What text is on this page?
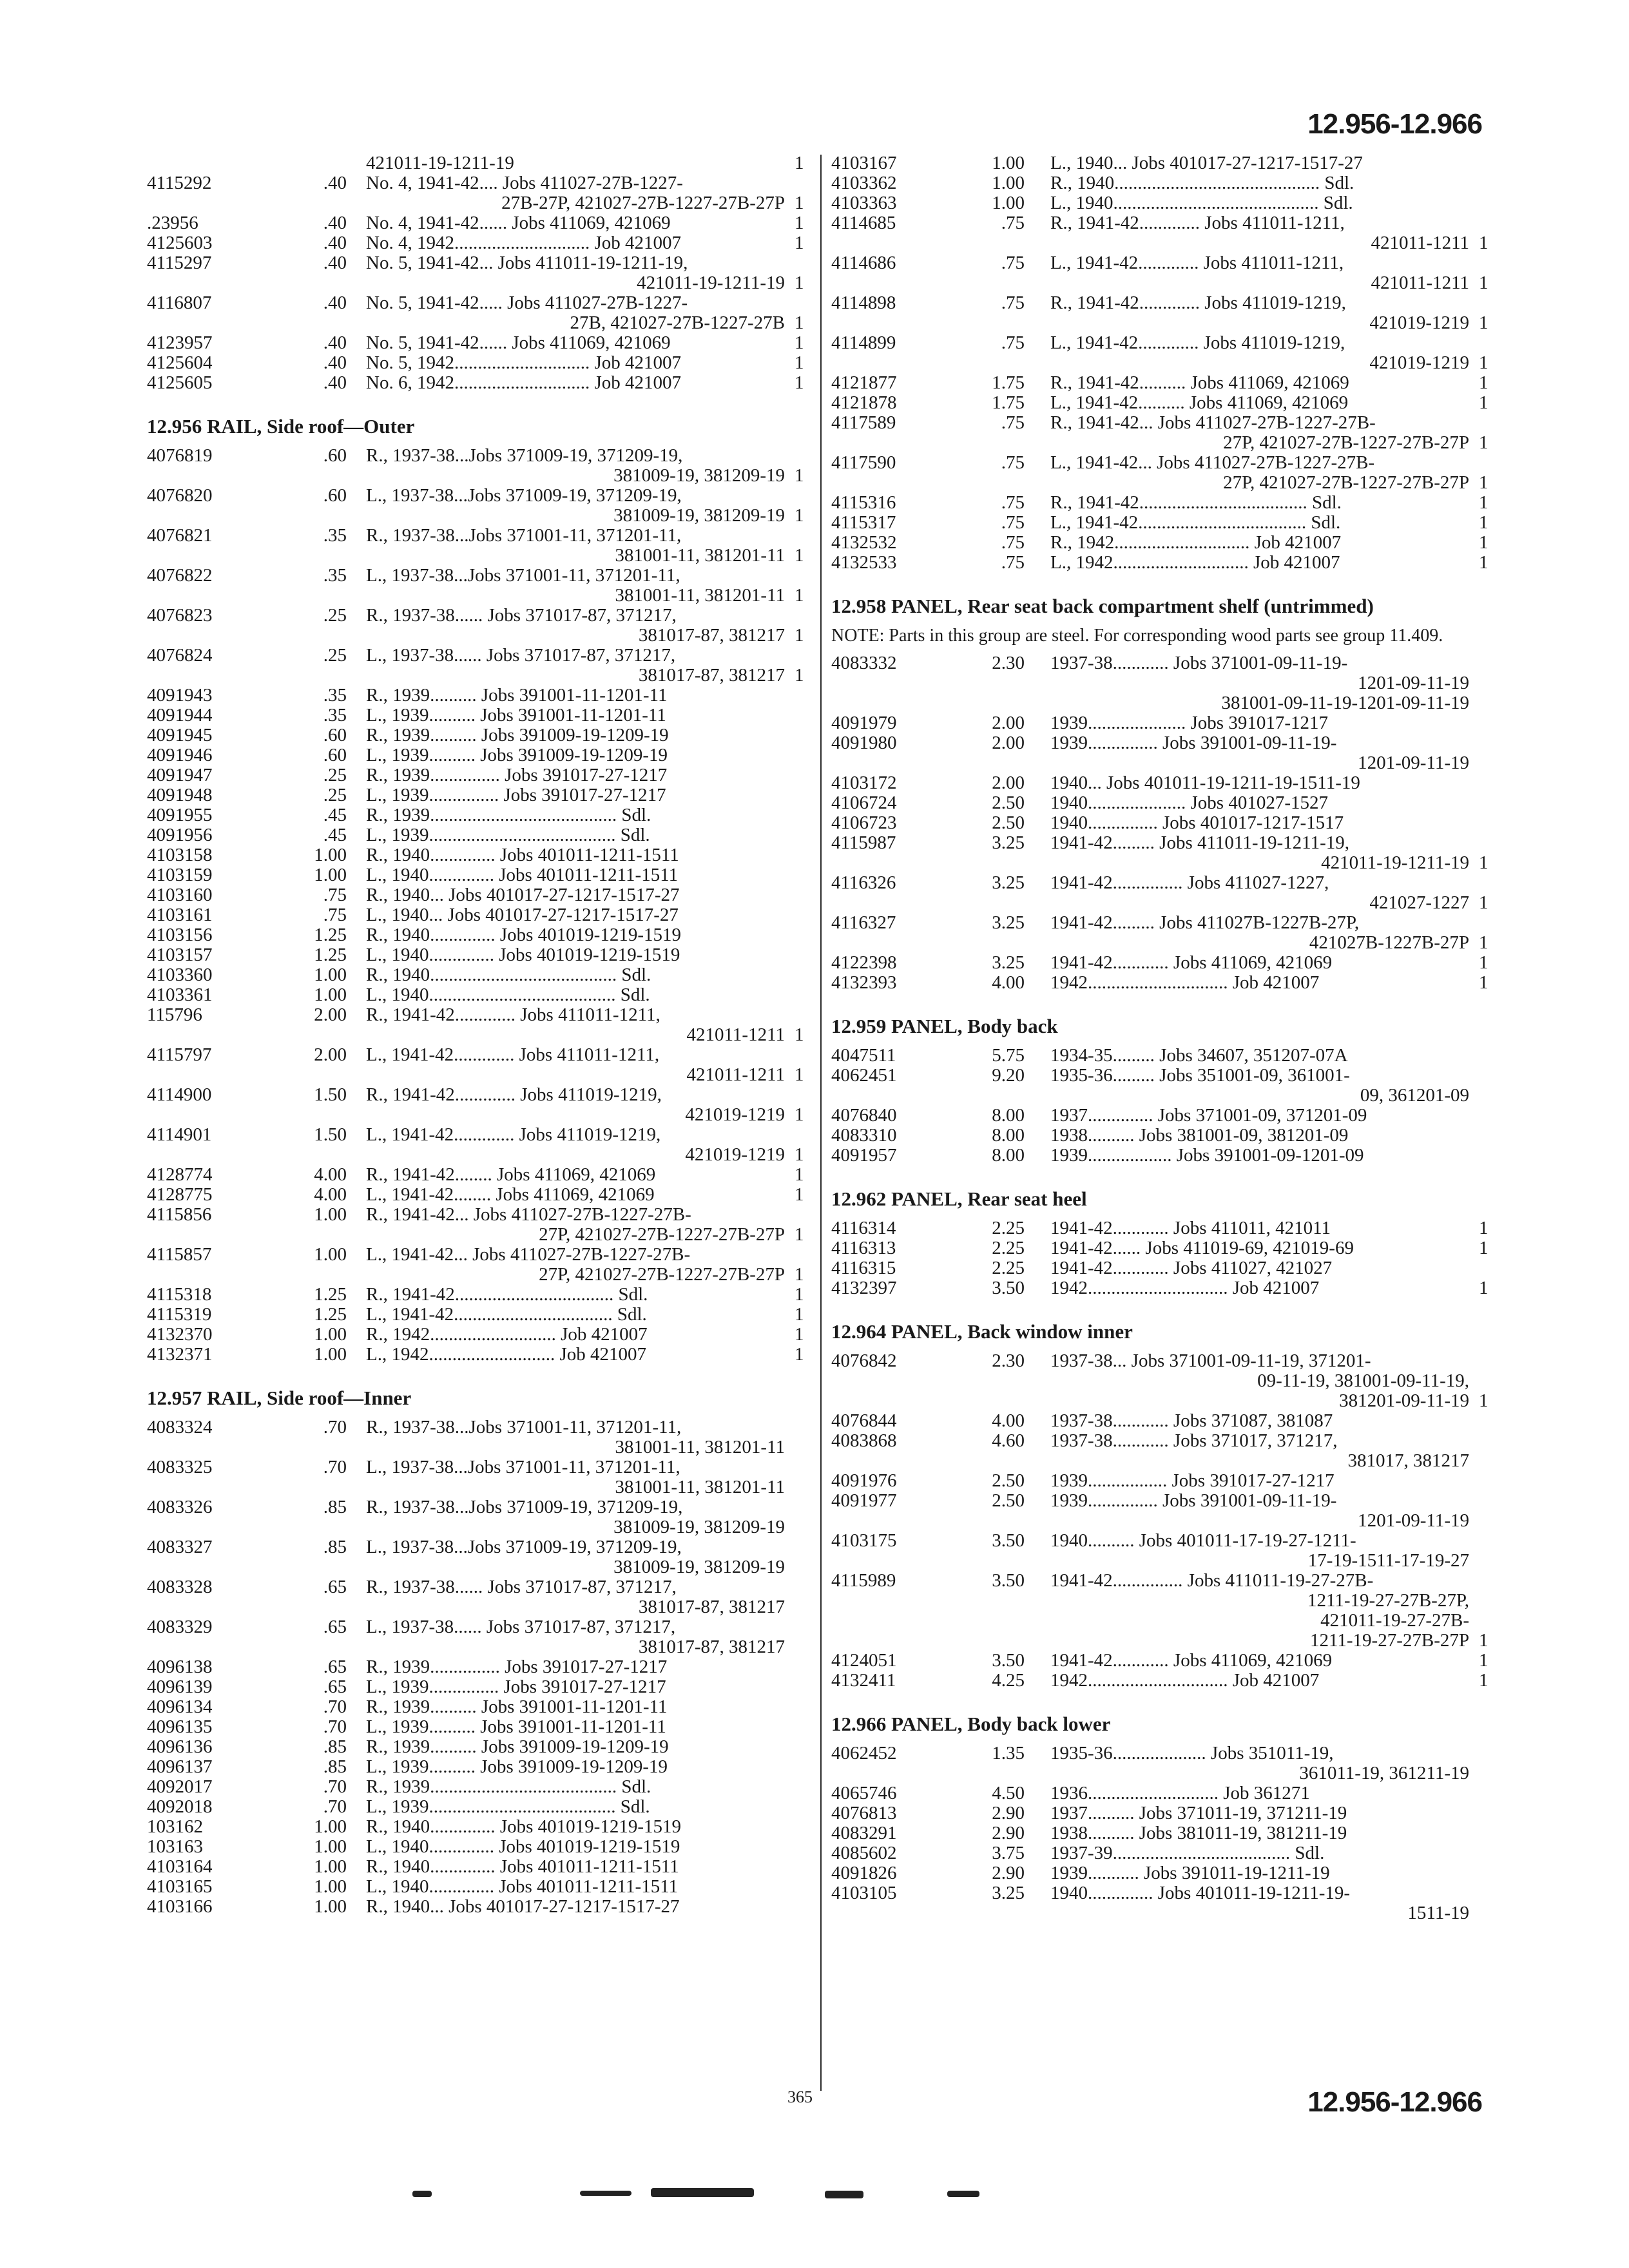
12.956-12.966
421011-19-1211-19	1
4115292	.40 No. 4, 1941-42.... Jobs 411027-27B-1227-
27B-27P, 421027-27B-1227-27B-27P 1
.23956	.40 No. 4, 1941-42...... Jobs 411069, 421069	1
4125603	.40 No. 4, 1942............................. Job 421007	1
4115297	.40 No. 5, 1941-42... Jobs 411011-19-1211-19,
421011-19-1211-19 1
4116807	.40 No. 5, 1941-42..... Jobs 411027-27B-1227-
27B, 421027-27B-1227-27B 1
4123957	.40 No. 5, 1941-42...... Jobs 411069, 421069	1
4125604	.40 No. 5, 1942............................. Job 421007	1
4125605	.40 No. 6, 1942............................. Job 421007	1
12.956 RAIL, Side roof—Outer
4076819	.60 R., 1937-38...Jobs 371009-19, 371209-19,
381009-19, 381209-19 1
4076820	.60 L., 1937-38...Jobs 371009-19, 371209-19,
381009-19, 381209-19 1
4076821	.35 R., 1937-38...Jobs 371001-11, 371201-11,
381001-11, 381201-11 1
4076822	.35 L., 1937-38...Jobs 371001-11, 371201-11,
381001-11, 381201-11 1
4076823	.25 R., 1937-38...... Jobs 371017-87, 371217,
381017-87, 381217 1
4076824	.25 L., 1937-38...... Jobs 371017-87, 371217,
381017-87, 381217 1
4091943	.35 R., 1939.......... Jobs 391001-11-1201-11
4091944	.35 L., 1939.......... Jobs 391001-11-1201-11
4091945	.60 R., 1939.......... Jobs 391009-19-1209-19
4091946	.60 L., 1939.......... Jobs 391009-19-1209-19
4091947	.25 R., 1939............... Jobs 391017-27-1217
4091948	.25 L., 1939............... Jobs 391017-27-1217
4091955	.45 R., 1939........................................ Sdl.
4091956	.45 L., 1939........................................ Sdl.
4103158	1.00 R., 1940.............. Jobs 401011-1211-1511
4103159	1.00 L., 1940.............. Jobs 401011-1211-1511
4103160	.75 R., 1940... Jobs 401017-27-1217-1517-27
4103161	.75 L., 1940... Jobs 401017-27-1217-1517-27
4103156	1.25 R., 1940.............. Jobs 401019-1219-1519
4103157	1.25 L., 1940.............. Jobs 401019-1219-1519
4103360	1.00 R., 1940........................................ Sdl.
4103361	1.00 L., 1940........................................ Sdl.
115796	2.00 R., 1941-42............. Jobs 411011-1211,
421011-1211 1
4115797	2.00 L., 1941-42............. Jobs 411011-1211,
421011-1211 1
4114900	1.50 R., 1941-42............. Jobs 411019-1219,
421019-1219 1
4114901	1.50 L., 1941-42............. Jobs 411019-1219,
421019-1219 1
4128774	4.00 R., 1941-42........ Jobs 411069, 421069	1
4128775	4.00 L., 1941-42........ Jobs 411069, 421069	1
4115856	1.00 R., 1941-42... Jobs 411027-27B-1227-27B-
27P, 421027-27B-1227-27B-27P 1
4115857	1.00 L., 1941-42... Jobs 411027-27B-1227-27B-
27P, 421027-27B-1227-27B-27P 1
4115318	1.25 R., 1941-42.................................. Sdl.	1
4115319	1.25 L., 1941-42.................................. Sdl.	1
4132370	1.00 R., 1942........................... Job 421007	1
4132371	1.00 L., 1942........................... Job 421007	1
12.957 RAIL, Side roof—Inner
4083324	.70 R., 1937-38...Jobs 371001-11, 371201-11,
381001-11, 381201-11
4083325	.70 L., 1937-38...Jobs 371001-11, 371201-11,
381001-11, 381201-11
4083326	.85 R., 1937-38...Jobs 371009-19, 371209-19,
381009-19, 381209-19
4083327	.85 L., 1937-38...Jobs 371009-19, 371209-19,
381009-19, 381209-19
4083328	.65 R., 1937-38...... Jobs 371017-87, 371217,
381017-87, 381217
4083329	.65 L., 1937-38...... Jobs 371017-87, 371217,
381017-87, 381217
4096138	.65 R., 1939............... Jobs 391017-27-1217
4096139	.65 L., 1939............... Jobs 391017-27-1217
4096134	.70 R., 1939.......... Jobs 391001-11-1201-11
4096135	.70 L., 1939.......... Jobs 391001-11-1201-11
4096136	.85 R., 1939.......... Jobs 391009-19-1209-19
4096137	.85 L., 1939.......... Jobs 391009-19-1209-19
4092017	.70 R., 1939........................................ Sdl.
4092018	.70 L., 1939........................................ Sdl.
103162	1.00 R., 1940.............. Jobs 401019-1219-1519
103163	1.00 L., 1940.............. Jobs 401019-1219-1519
4103164	1.00 R., 1940.............. Jobs 401011-1211-1511
4103165	1.00 L., 1940.............. Jobs 401011-1211-1511
4103166	1.00 R., 1940... Jobs 401017-27-1217-1517-27
4103167	1.00 L., 1940... Jobs 401017-27-1217-1517-27
4103362	1.00 R., 1940............................................ Sdl.
4103363	1.00 L., 1940............................................ Sdl.
4114685	.75 R., 1941-42............. Jobs 411011-1211,
421011-1211 1
4114686	.75 L., 1941-42............. Jobs 411011-1211,
421011-1211 1
4114898	.75 R., 1941-42............. Jobs 411019-1219,
421019-1219 1
4114899	.75 L., 1941-42............. Jobs 411019-1219,
421019-1219 1
4121877	1.75 R., 1941-42.......... Jobs 411069, 421069	1
4121878	1.75 L., 1941-42.......... Jobs 411069, 421069	1
4117589	.75 R., 1941-42... Jobs 411027-27B-1227-27B-
27P, 421027-27B-1227-27B-27P 1
4117590	.75 L., 1941-42... Jobs 411027-27B-1227-27B-
27P, 421027-27B-1227-27B-27P 1
4115316	.75 R., 1941-42.................................... Sdl.	1
4115317	.75 L., 1941-42.................................... Sdl.	1
4132532	.75 R., 1942............................. Job 421007	1
4132533	.75 L., 1942............................. Job 421007	1
12.958 PANEL, Rear seat back compartment shelf (untrimmed)
NOTE: Parts in this group are steel. For corresponding wood parts see group 11.409.
4083332	2.30 1937-38............ Jobs 371001-09-11-19-
1201-09-11-19
381001-09-11-19-1201-09-11-19
4091979	2.00 1939..................... Jobs 391017-1217
4091980	2.00 1939............... Jobs 391001-09-11-19-
1201-09-11-19
4103172	2.00 1940... Jobs 401011-19-1211-19-1511-19
4106724	2.50 1940..................... Jobs 401027-1527
4106723	2.50 1940............... Jobs 401017-1217-1517
4115987	3.25 1941-42......... Jobs 411011-19-1211-19,
421011-19-1211-19 1
4116326	3.25 1941-42............... Jobs 411027-1227,
421027-1227 1
4116327	3.25 1941-42......... Jobs 411027B-1227B-27P,
421027B-1227B-27P 1
4122398	3.25 1941-42............ Jobs 411069, 421069	1
4132393	4.00 1942.............................. Job 421007	1
12.959 PANEL, Body back
4047511	5.75 1934-35......... Jobs 34607, 351207-07A
4062451	9.20 1935-36......... Jobs 351001-09, 361001-
09, 361201-09
4076840	8.00 1937.............. Jobs 371001-09, 371201-09
4083310	8.00 1938.......... Jobs 381001-09, 381201-09
4091957	8.00 1939.................. Jobs 391001-09-1201-09
12.962 PANEL, Rear seat heel
4116314	2.25 1941-42............ Jobs 411011, 421011	1
4116313	2.25 1941-42...... Jobs 411019-69, 421019-69	1
4116315	2.25 1941-42............ Jobs 411027, 421027
4132397	3.50 1942.............................. Job 421007	1
12.964 PANEL, Back window inner
4076842	2.30 1937-38... Jobs 371001-09-11-19, 371201-
09-11-19, 381001-09-11-19,
381201-09-11-19 1
4076844	4.00 1937-38............ Jobs 371087, 381087
4083868	4.60 1937-38............ Jobs 371017, 371217,
381017, 381217
4091976	2.50 1939................. Jobs 391017-27-1217
4091977	2.50 1939............... Jobs 391001-09-11-19-
1201-09-11-19
4103175	3.50 1940.......... Jobs 401011-17-19-27-1211-
17-19-1511-17-19-27
4115989	3.50 1941-42............... Jobs 411011-19-27-27B-
1211-19-27-27B-27P,
421011-19-27-27B-
1211-19-27-27B-27P 1
4124051	3.50 1941-42............ Jobs 411069, 421069	1
4132411	4.25 1942.............................. Job 421007	1
12.966 PANEL, Body back lower
4062452	1.35 1935-36.................... Jobs 351011-19,
361011-19, 361211-19
4065746	4.50 1936............................ Job 361271
4076813	2.90 1937.......... Jobs 371011-19, 371211-19
4083291	2.90 1938.......... Jobs 381011-19, 381211-19
4085602	3.75 1937-39...................................... Sdl.
4091826	2.90 1939........... Jobs 391011-19-1211-19
4103105	3.25 1940.............. Jobs 401011-19-1211-19-
1511-19
365	12.956-12.966
